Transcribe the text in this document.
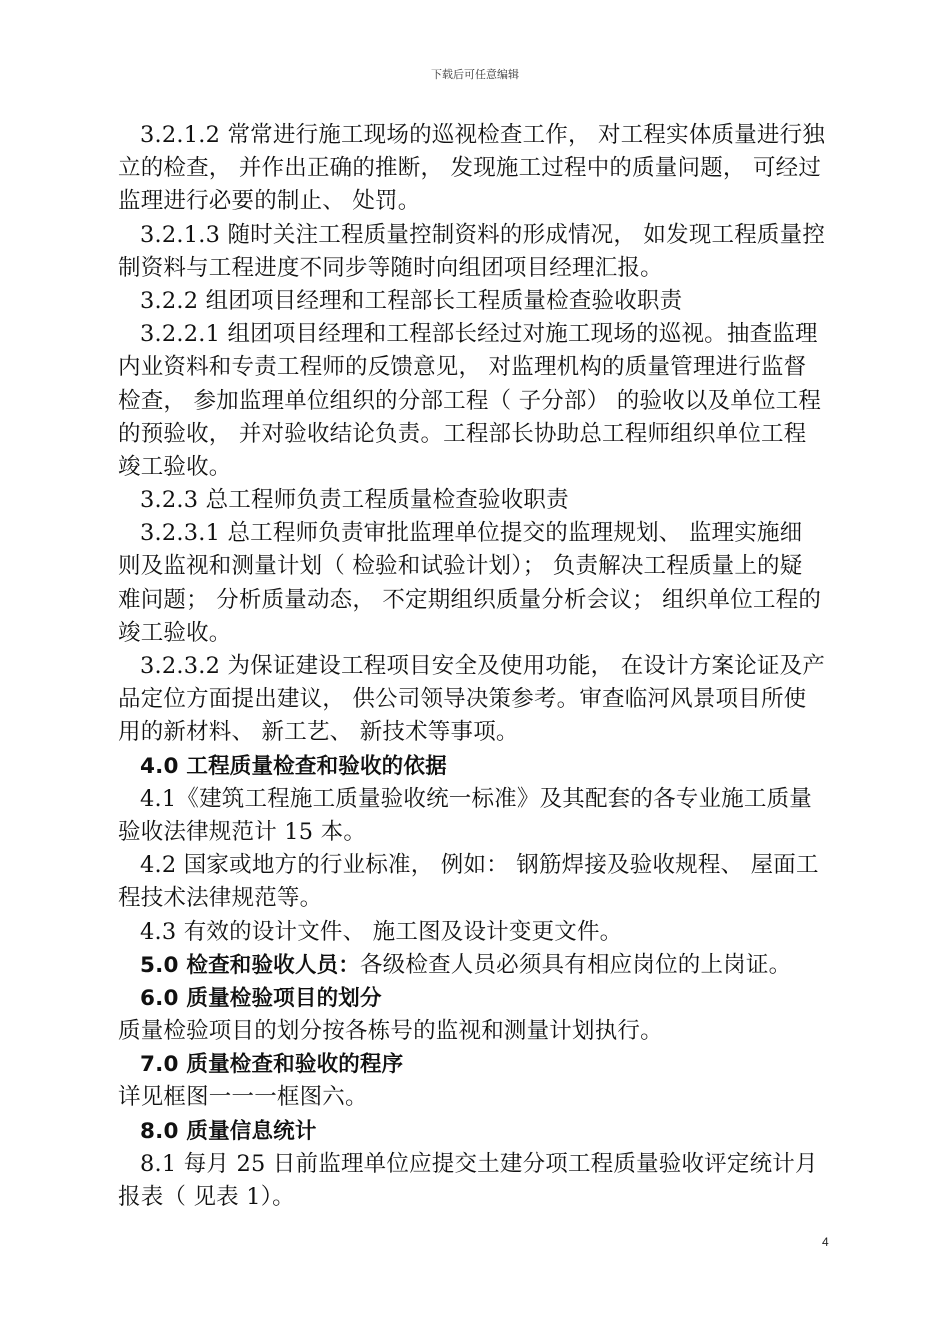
下载后可任意编辑
3.2.1.2 常常进行施工现场的巡视检查工作， 对工程实体质量进行独
立的检查， 并作出正确的推断， 发现施工过程中的质量问题， 可经过
监理进行必要的制止、 处罚。
3.2.1.3 随时关注工程质量控制资料的形成情况， 如发现工程质量控
制资料与工程进度不同步等随时向组团项目经理汇报。
3.2.2 组团项目经理和工程部长工程质量检查验收职责
3.2.2.1 组团项目经理和工程部长经过对施工现场的巡视。抽查监理
内业资料和专责工程师的反馈意见， 对监理机构的质量管理进行监督
检查， 参加监理单位组织的分部工程（ 子分部） 的验收以及单位工程
的预验收， 并对验收结论负责。工程部长协助总工程师组织单位工程
竣工验收。
3.2.3 总工程师负责工程质量检查验收职责
3.2.3.1 总工程师负责审批监理单位提交的监理规划、 监理实施细
则及监视和测量计划（ 检验和试验计划）； 负责解决工程质量上的疑
难问题； 分析质量动态， 不定期组织质量分析会议； 组织单位工程的
竣工验收。
3.2.3.2 为保证建设工程项目安全及使用功能， 在设计方案论证及产
品定位方面提出建议， 供公司领导决策参考。审查临河风景项目所使
用的新材料、 新工艺、 新技术等事项。
4.0 工程质量检查和验收的依据
4.1《建筑工程施工质量验收统一标准》及其配套的各专业施工质量
验收法律规范计 15 本。
4.2 国家或地方的行业标准， 例如： 钢筋焊接及验收规程、 屋面工
程技术法律规范等。
4.3 有效的设计文件、 施工图及设计变更文件。
5.0 检查和验收人员：各级检查人员必须具有相应岗位的上岗证。
6.0 质量检验项目的划分
质量检验项目的划分按各栋号的监视和测量计划执行。
7.0 质量检查和验收的程序
详见框图一一一框图六。
8.0 质量信息统计
8.1 每月 25 日前监理单位应提交土建分项工程质量验收评定统计月
报表（ 见表 1）。
4
